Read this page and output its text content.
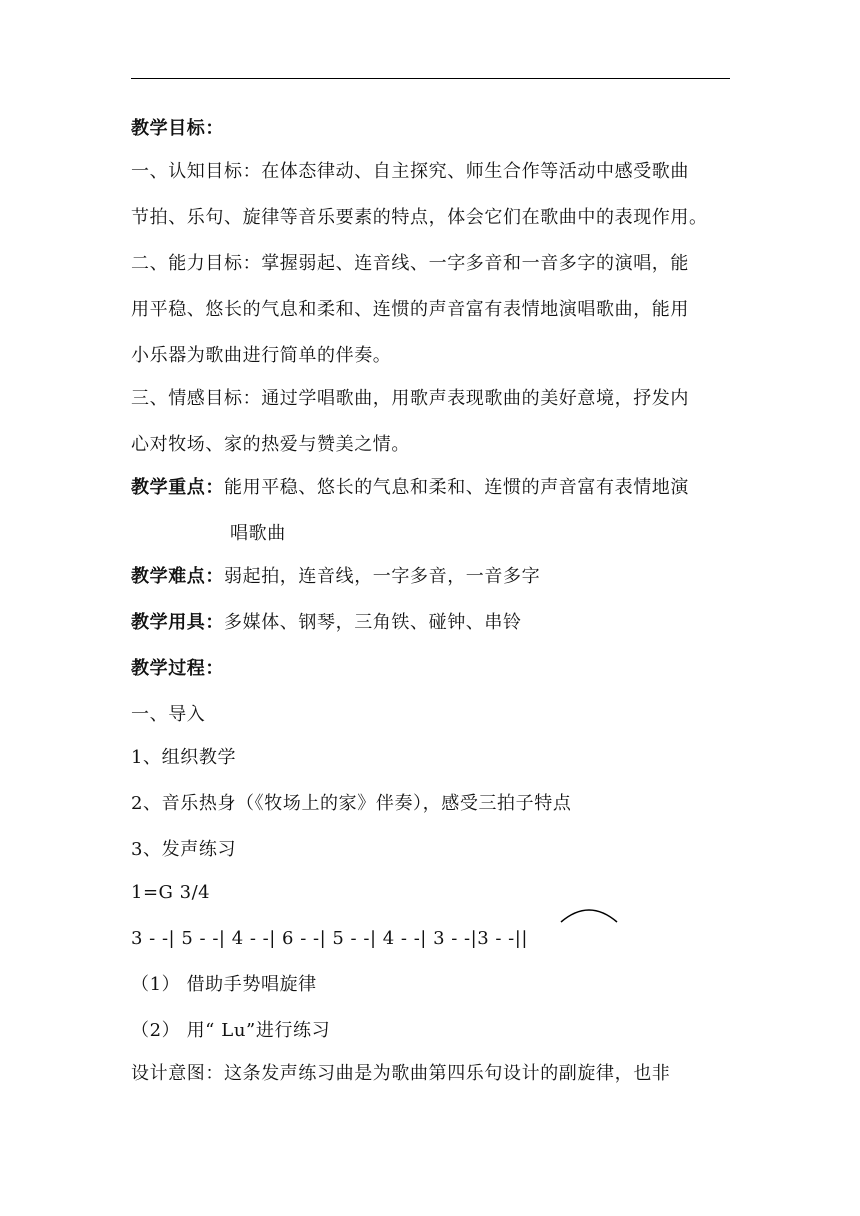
教学目标：
一、认知目标：在体态律动、自主探究、师生合作等活动中感受歌曲
节拍、乐句、旋律等音乐要素的特点，体会它们在歌曲中的表现作用。
二、能力目标：掌握弱起、连音线、一字多音和一音多字的演唱，能
用平稳、悠长的气息和柔和、连惯的声音富有表情地演唱歌曲，能用
小乐器为歌曲进行简单的伴奏。
三、情感目标：通过学唱歌曲，用歌声表现歌曲的美好意境，抒发内
心对牧场、家的热爱与赞美之情。
教学重点：能用平稳、悠长的气息和柔和、连惯的声音富有表情地演
唱歌曲
教学难点：弱起拍，连音线，一字多音，一音多字
教学用具：多媒体、钢琴，三角铁、碰钟、串铃
教学过程：
一、导入
1、组织教学
2、音乐热身（《牧场上的家》伴奏），感受三拍子特点
3、发声练习
1=G 3/4
3 - -| 5 - -| 4 - -| 6 - -| 5 - -| 4 - -| 3 - -|3 - -||
（1） 借助手势唱旋律
（2） 用“ Lu”进行练习
设计意图：这条发声练习曲是为歌曲第四乐句设计的副旋律，也非
